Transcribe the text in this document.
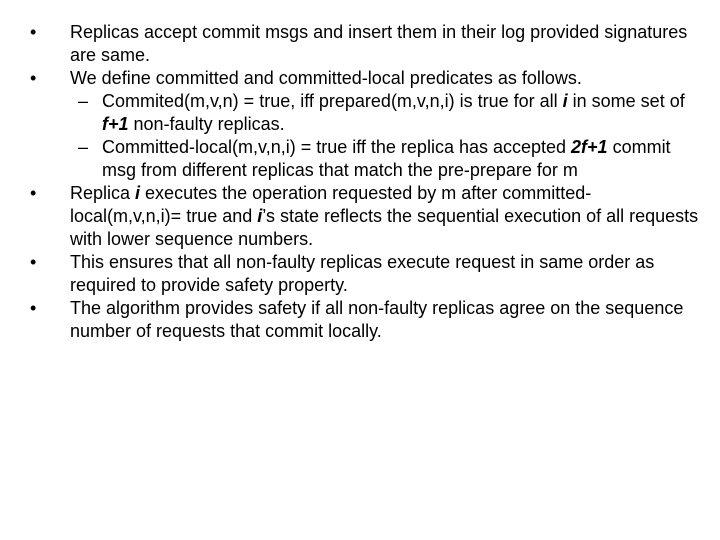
•	Replicas accept commit msgs and insert them in their log provided signatures are same.
•	We define committed and committed-local predicates as follows.
– Commited(m,v,n) = true, iff prepared(m,v,n,i) is true for all i in some set of f+1 non-faulty replicas.
– Committed-local(m,v,n,i) = true iff the replica has accepted 2f+1 commit msg from different replicas that match the pre-prepare for m
•	Replica i executes the operation requested by m after committed-local(m,v,n,i)= true and i’s state reflects the sequential execution of all requests with lower sequence numbers.
•	This ensures that all non-faulty replicas execute request in same order as required to provide safety property.
•	The algorithm provides safety if all non-faulty replicas agree on the sequence number of requests that commit locally.
